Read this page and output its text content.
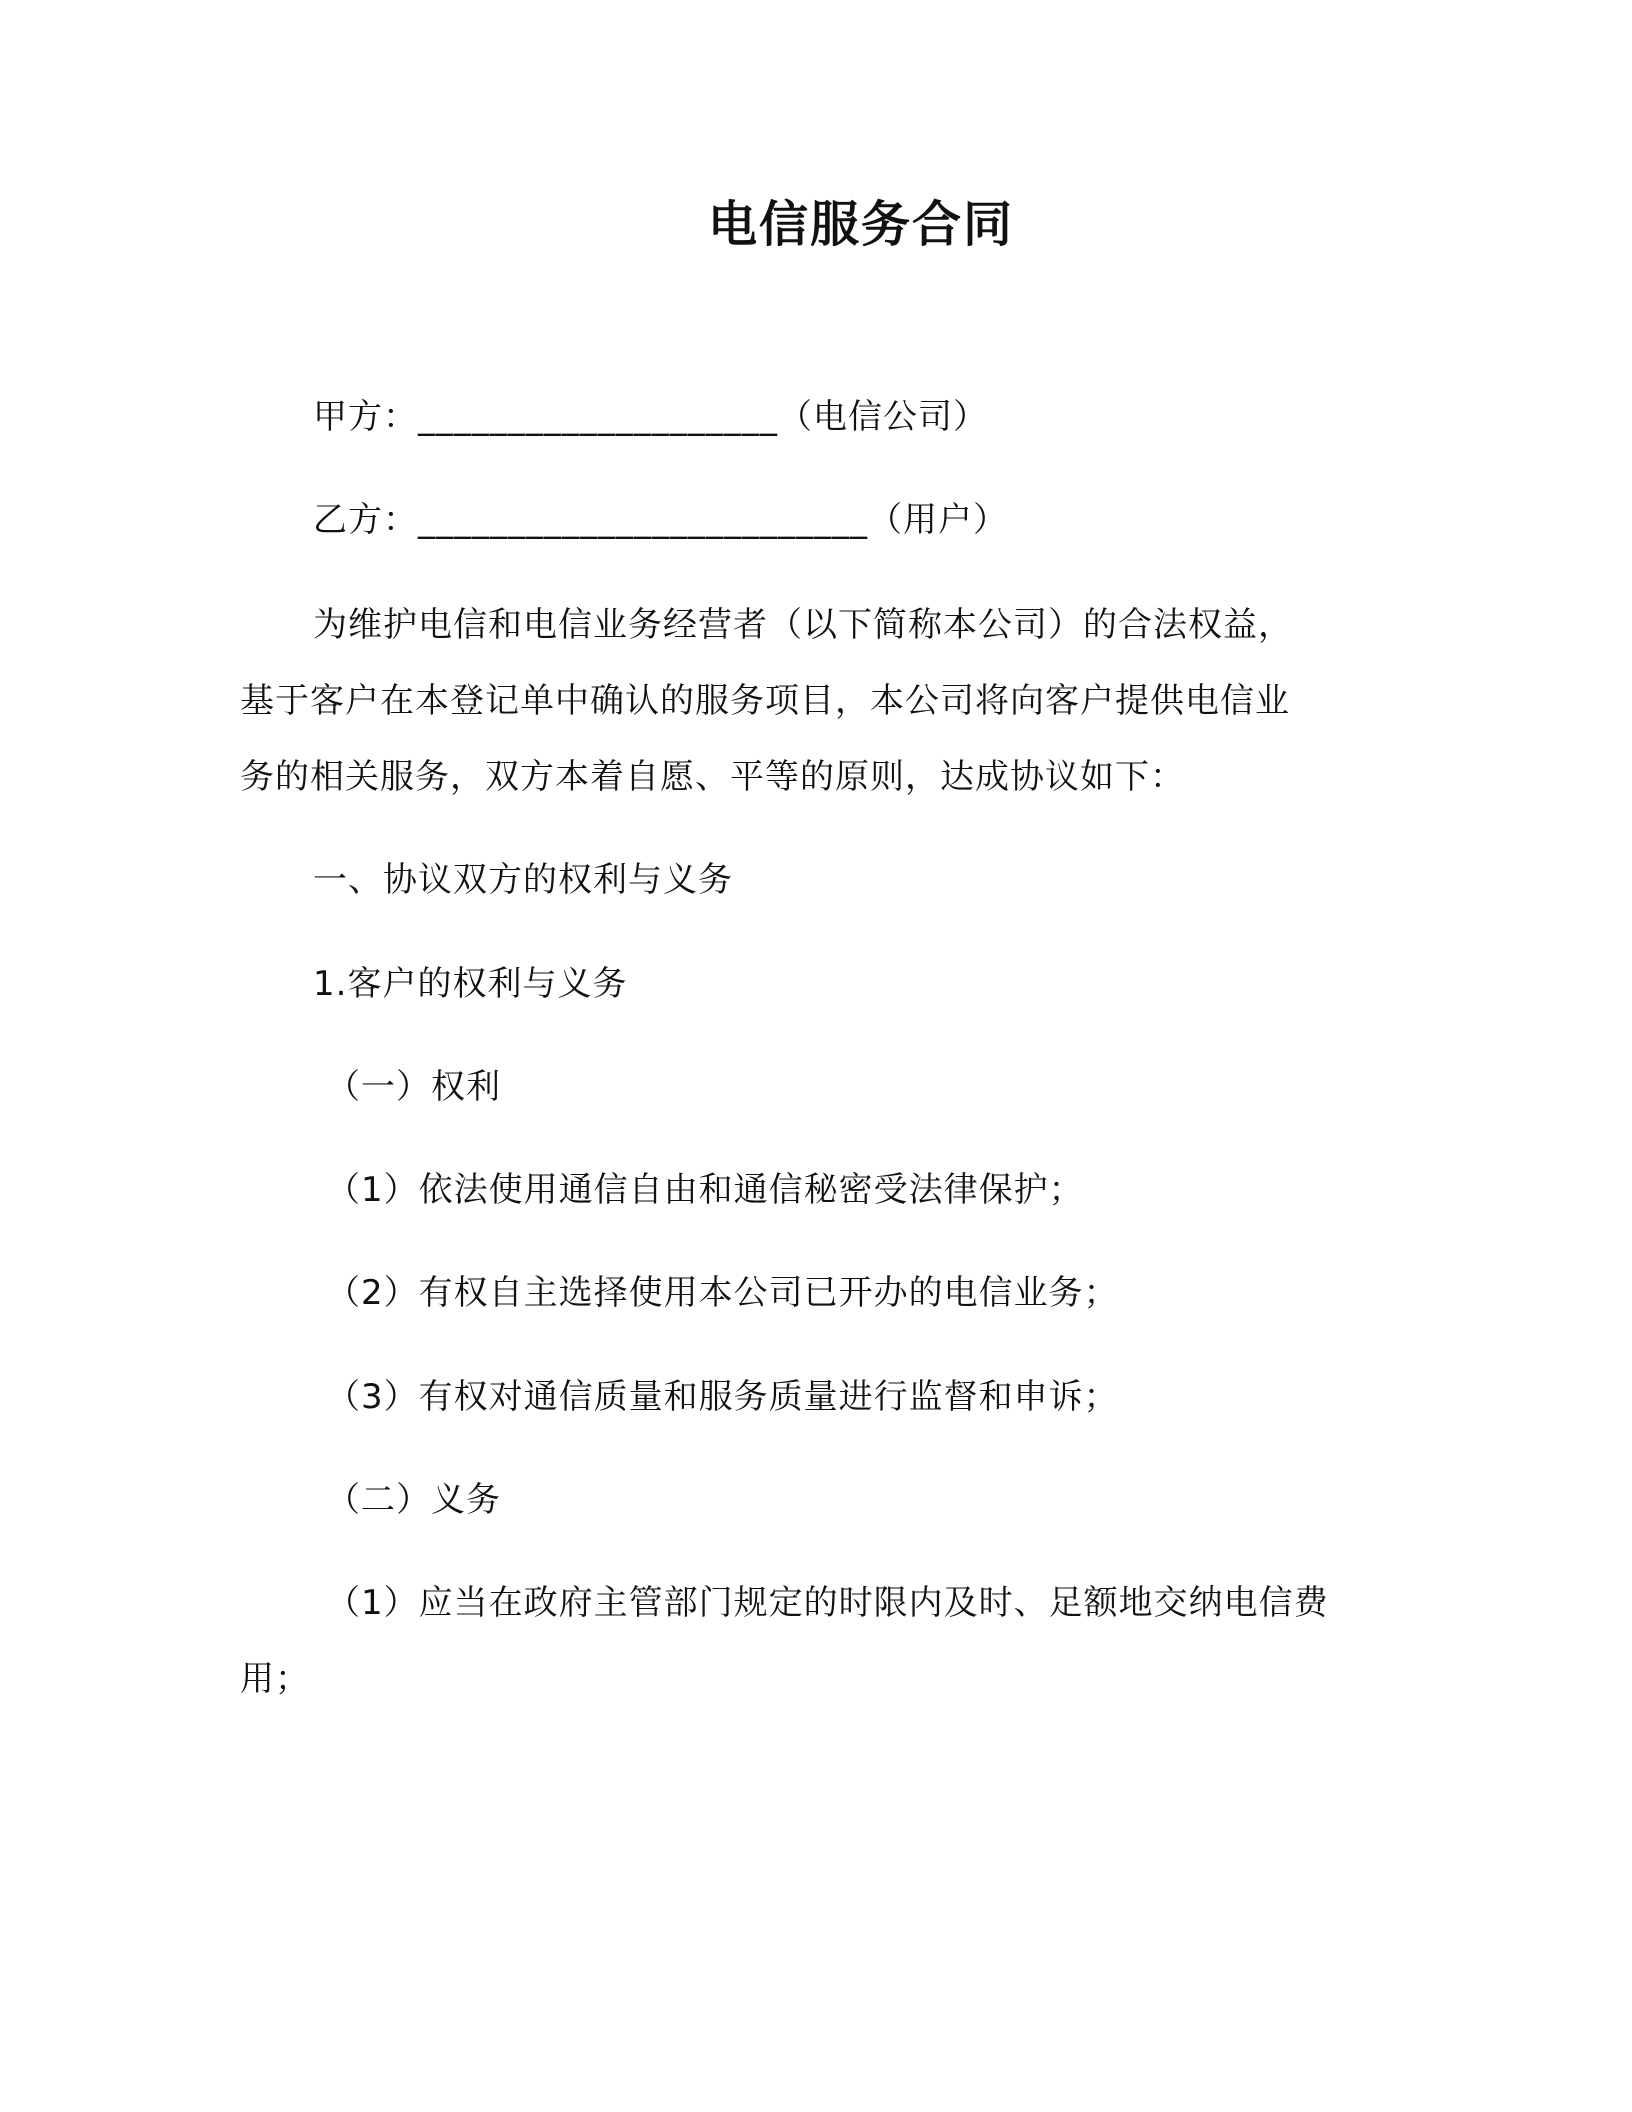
电信服务合同
甲方：____________________（电信公司）
乙方：_________________________（用户）
为维护电信和电信业务经营者（以下简称本公司）的合法权益，
基于客户在本登记单中确认的服务项目，本公司将向客户提供电信业
务的相关服务，双方本着自愿、平等的原则，达成协议如下：
一、协议双方的权利与义务
1.客户的权利与义务
（一）权利
（1）依法使用通信自由和通信秘密受法律保护；
（2）有权自主选择使用本公司已开办的电信业务；
（3）有权对通信质量和服务质量进行监督和申诉；
（二）义务
（1）应当在政府主管部门规定的时限内及时、足额地交纳电信费
用；
